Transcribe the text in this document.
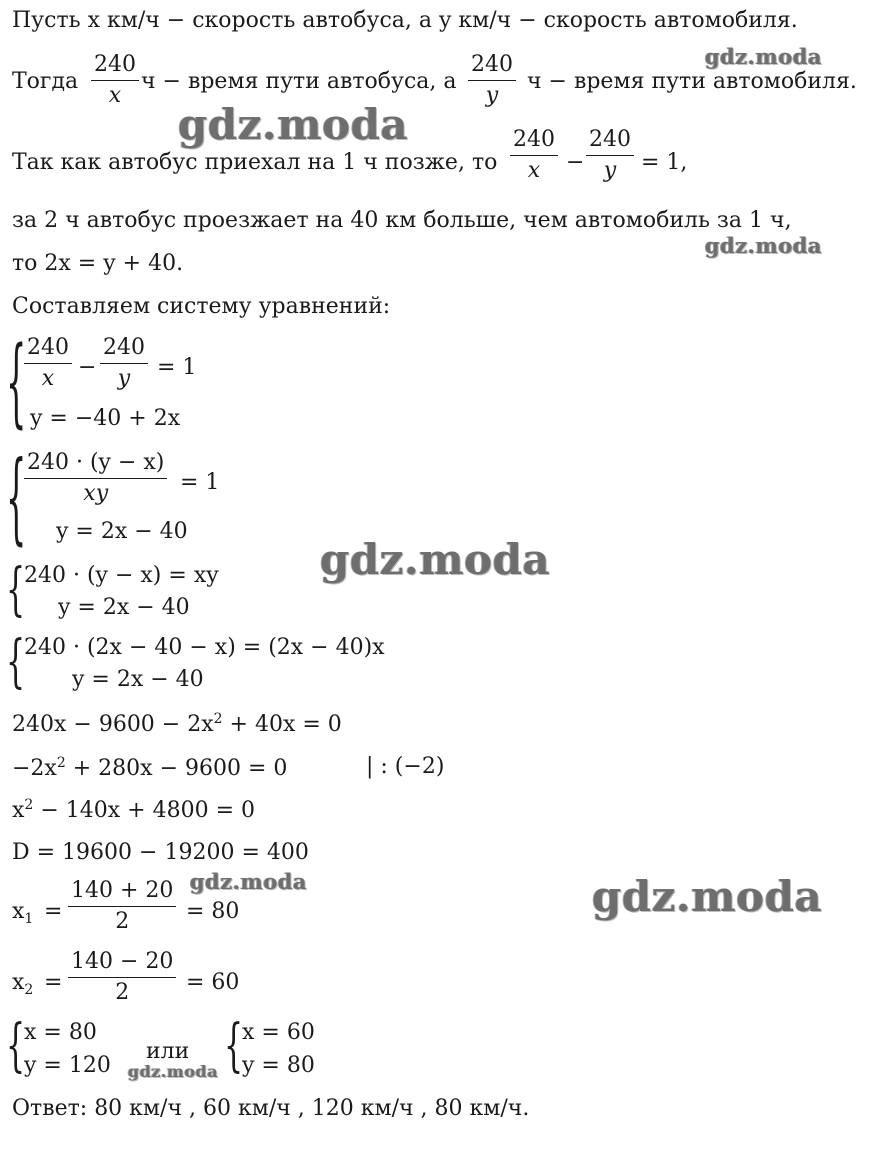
Пусть x км/ч − скорость автобуса, а y км/ч − скорость автомобиля.
Тогда
240
x
ч − время пути автобуса, а
240
y
ч − время пути автомобиля.
Так как автобус приехал на 1 ч позже, то
240
x	−
240
y	= 1,
за 2 ч автобус проезжает на 40 км больше, чем автомобиль за 1 ч,
то 2x = y + 40.
Составляем систему уравнений:
{ 240
x	−
240
y	= 1
y = −40 + 2x
{ 240 · (y − x)
xy	= 1
y = 2x − 40
{
240 · (y − x) = xy
y = 2x − 40
{
240 · (2x − 40 − x) = (2x − 40)x
y = 2x − 40
$240x - 9600 - 2x^2 + 40x = 0$
$-2x^2 + 280x - 9600 = 0$	| : (−2)
$x^2 - 140x + 4800 = 0$
D = 19600 − 19200 = 400
$x_1$ =
140 + 20
2	= 80
$x_2$ =
140 − 20
2	= 60
{
x = 80
y = 120
или {
x = 60
y = 80
Ответ: 80 км/ч , 60 км/ч , 120 км/ч , 80 км/ч.
gdz.moda
gdz.moda
gdz.moda
gdz.moda
gdz.moda	gdz.moda
gdz.moda
